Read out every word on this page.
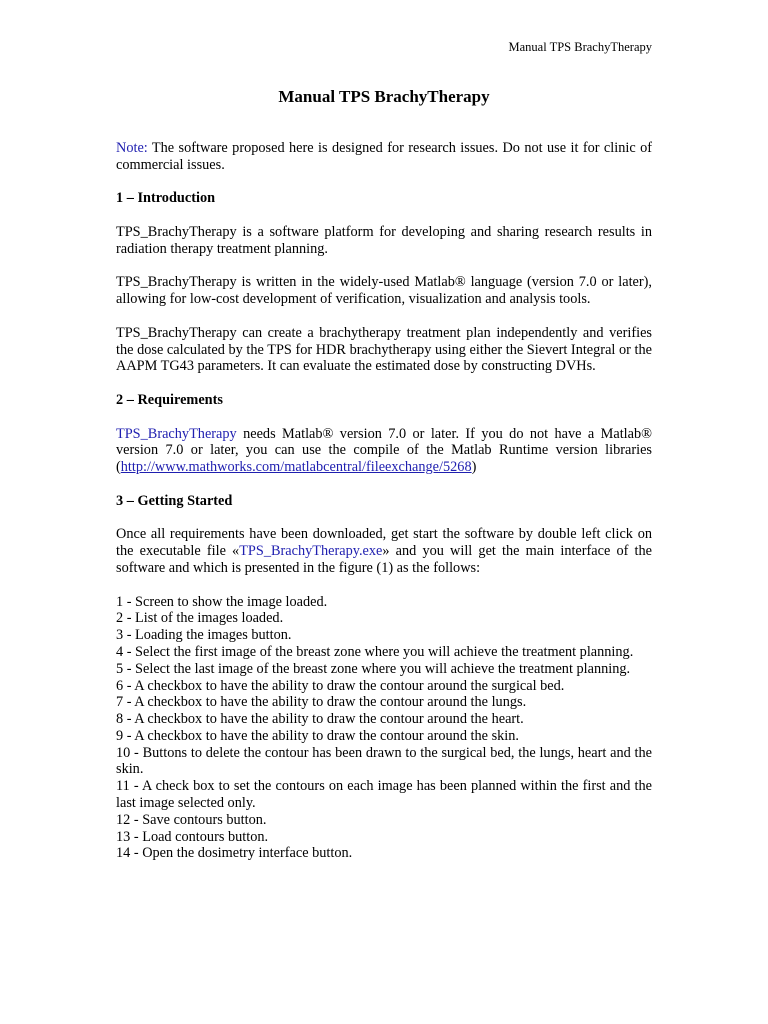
Manual TPS BrachyTherapy
Manual TPS BrachyTherapy

Note: The software proposed here is designed for research issues. Do not use it for clinic of commercial issues.

1 – Introduction

TPS_BrachyTherapy is a software platform for developing and sharing research results in radiation therapy treatment planning.

TPS_BrachyTherapy is written in the widely-used Matlab® language (version 7.0 or later), allowing for low-cost development of verification, visualization and analysis tools.

TPS_BrachyTherapy can create a brachytherapy treatment plan independently and verifies the dose calculated by the TPS for HDR brachytherapy using either the Sievert Integral or the AAPM TG43 parameters. It can evaluate the estimated dose by constructing DVHs.

2 – Requirements

TPS_BrachyTherapy needs Matlab® version 7.0 or later. If you do not have a Matlab® version 7.0 or later, you can use the compile of the Matlab Runtime version libraries (http://www.mathworks.com/matlabcentral/fileexchange/5268)

3 – Getting Started

Once all requirements have been downloaded, get start the software by double left click on the executable file «TPS_BrachyTherapy.exe» and you will get the main interface of the software and which is presented in the figure (1) as the follows:

1 - Screen to show the image loaded.
2 - List of the images loaded.
3 - Loading the images button.
4 - Select the first image of the breast zone where you will achieve the treatment planning.
5 - Select the last image of the breast zone where you will achieve the treatment planning.
6 - A checkbox to have the ability to draw the contour around the surgical bed.
7 - A checkbox to have the ability to draw the contour around the lungs.
8 - A checkbox to have the ability to draw the contour around the heart.
9 - A checkbox to have the ability to draw the contour around the skin.
10 - Buttons to delete the contour has been drawn to the surgical bed, the lungs, heart and the skin.
11 - A check box to set the contours on each image has been planned within the first and the last image selected only.
12 - Save contours button.
13 - Load contours button.
14 - Open the dosimetry interface button.
